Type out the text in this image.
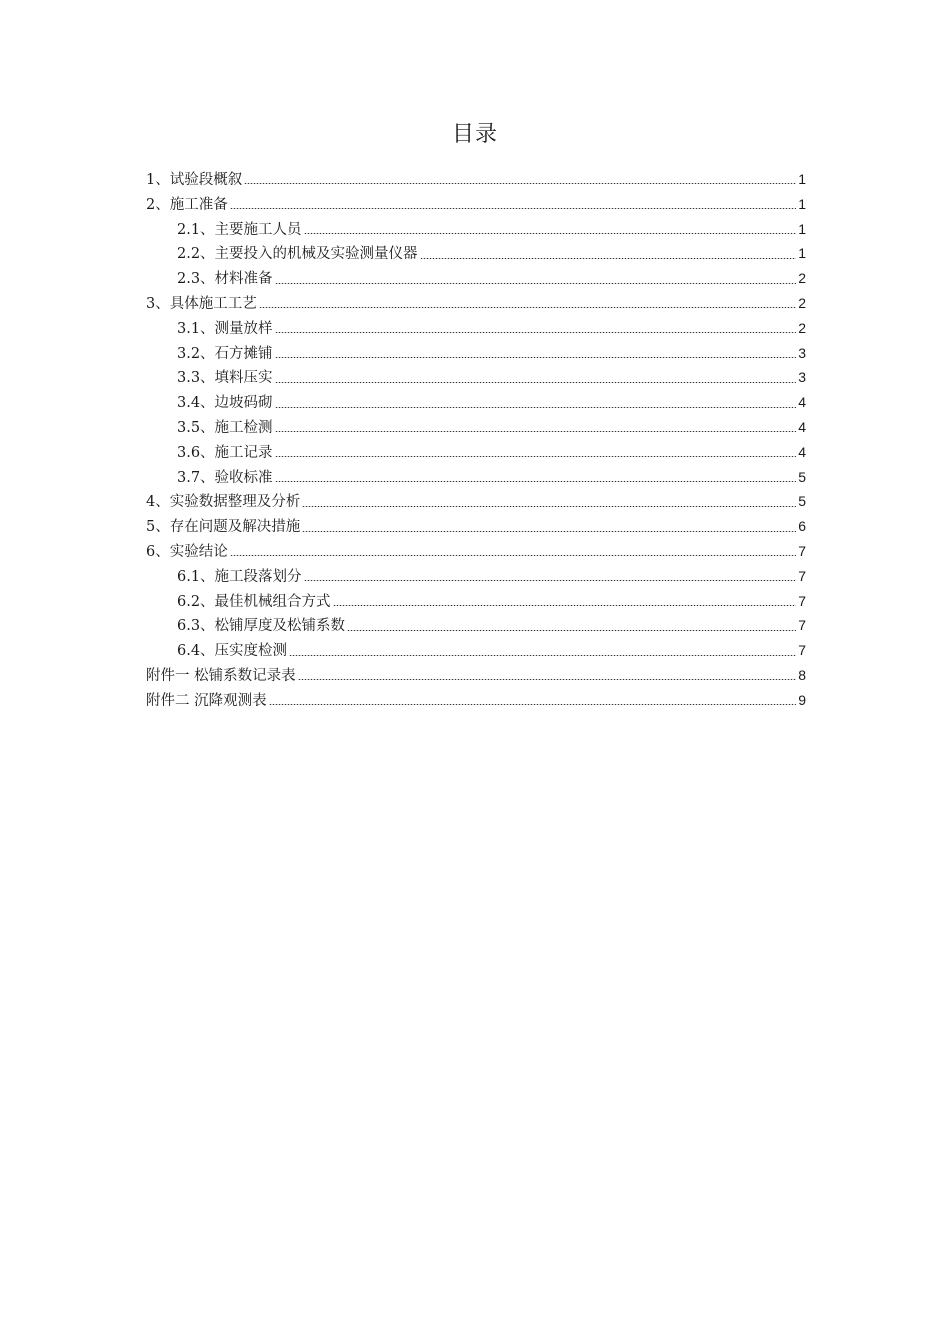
目录
1、试验段概叙	1
2、施工准备	1
2.1、主要施工人员	1
2.2、主要投入的机械及实验测量仪器	1
2.3、材料准备	2
3、具体施工工艺	2
3.1、测量放样	2
3.2、石方摊铺	3
3.3、填料压实	3
3.4、边坡码砌	4
3.5、施工检测	4
3.6、施工记录	4
3.7、验收标准	5
4、实验数据整理及分析	5
5、存在问题及解决措施	6
6、实验结论	7
6.1、施工段落划分	7
6.2、最佳机械组合方式	7
6.3、松铺厚度及松铺系数	7
6.4、压实度检测	7
附件一 松铺系数记录表	8
附件二 沉降观测表	9
